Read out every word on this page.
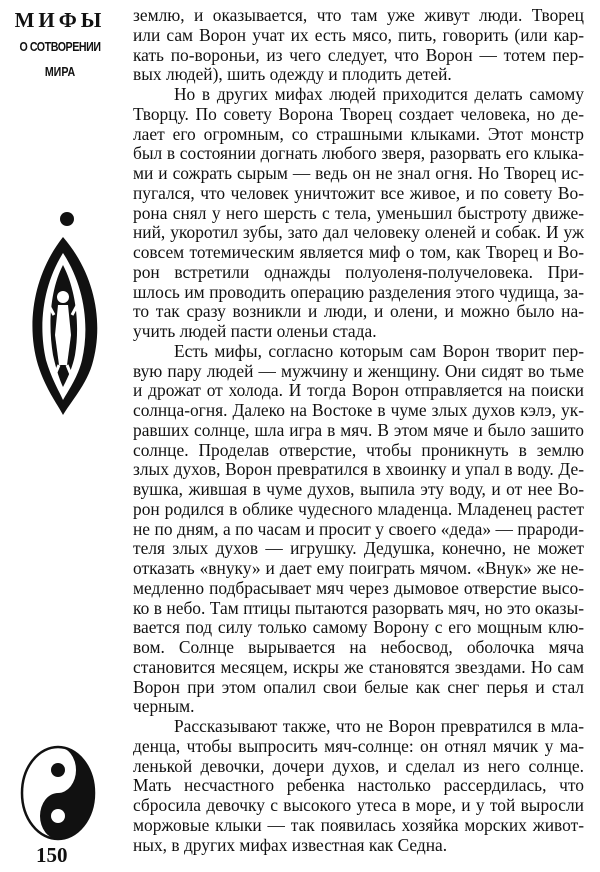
МИФЫ
О СОТВОРЕНИИ
МИРА
землю, и оказывается, что там уже живут люди. Творец
или сам Ворон учат их есть мясо, пить, говорить (или кар-
кать по-вороньи, из чего следует, что Ворон — тотем пер-
вых людей), шить одежду и плодить детей.
Но в других мифах людей приходится делать самому
Творцу. По совету Ворона Творец создает человека, но де-
лает его огромным, со страшными клыками. Этот монстр
был в состоянии догнать любого зверя, разорвать его клыка-
ми и сожрать сырым — ведь он не знал огня. Но Творец ис-
пугался, что человек уничтожит все живое, и по совету Во-
рона снял у него шерсть с тела, уменьшил быстроту движе-
ний, укоротил зубы, зато дал человеку оленей и собак. И уж
совсем тотемическим является миф о том, как Творец и Во-
рон встретили однажды полуоленя-получеловека. При-
шлось им проводить операцию разделения этого чудища, за-
то так сразу возникли и люди, и олени, и можно было на-
учить людей пасти оленьи стада.
Есть мифы, согласно которым сам Ворон творит пер-
вую пару людей — мужчину и женщину. Они сидят во тьме
и дрожат от холода. И тогда Ворон отправляется на поиски
солнца-огня. Далеко на Востоке в чуме злых духов кэлэ, ук-
равших солнце, шла игра в мяч. В этом мяче и было зашито
солнце. Проделав отверстие, чтобы проникнуть в землю
злых духов, Ворон превратился в хвоинку и упал в воду. Де-
вушка, жившая в чуме духов, выпила эту воду, и от нее Во-
рон родился в облике чудесного младенца. Младенец растет
не по дням, а по часам и просит у своего «деда» — прароди-
теля злых духов — игрушку. Дедушка, конечно, не может
отказать «внуку» и дает ему поиграть мячом. «Внук» же не-
медленно подбрасывает мяч через дымовое отверстие высо-
ко в небо. Там птицы пытаются разорвать мяч, но это оказы-
вается под силу только самому Ворону с его мощным клю-
вом. Солнце вырывается на небосвод, оболочка мяча
становится месяцем, искры же становятся звездами. Но сам
Ворон при этом опалил свои белые как снег перья и стал
черным.
Рассказывают также, что не Ворон превратился в мла-
денца, чтобы выпросить мяч-солнце: он отнял мячик у ма-
ленькой девочки, дочери духов, и сделал из него солнце.
Мать несчастного ребенка настолько рассердилась, что
сбросила девочку с высокого утеса в море, и у той выросли
моржовые клыки — так появилась хозяйка морских живот-
ных, в других мифах известная как Седна.
150
